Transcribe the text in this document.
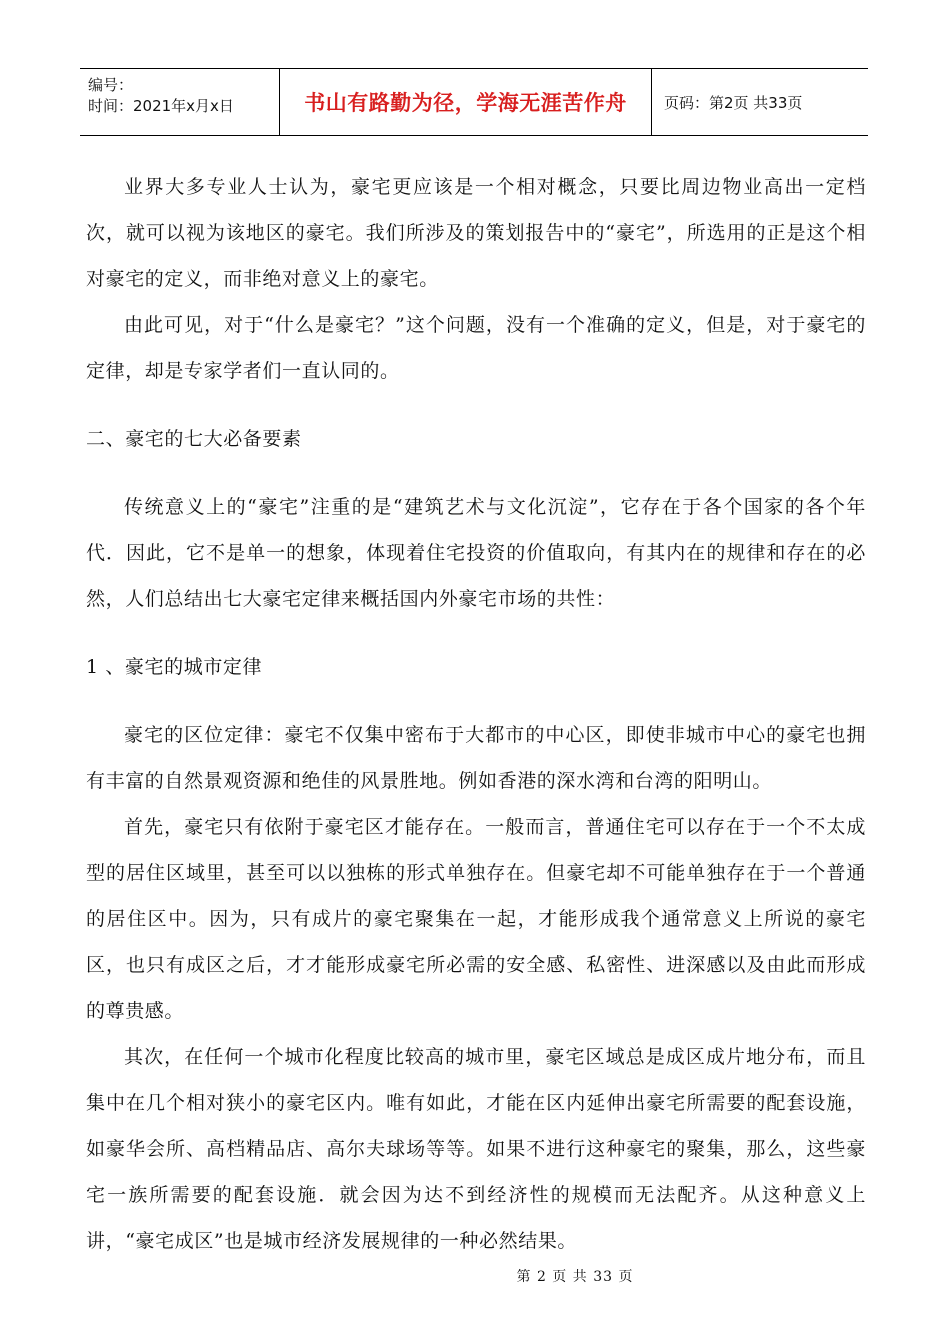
编号：
时间：2021年x月x日	书山有路勤为径，学海无涯苦作舟 页码：第2页 共33页

业界大多专业人士认为，豪宅更应该是一个相对概念，只要比周边物业高出一定档次，就可以视为该地区的豪宅。我们所涉及的策划报告中的“豪宅”，所选用的正是这个相对豪宅的定义，而非绝对意义上的豪宅。

由此可见，对于“什么是豪宅？”这个问题，没有一个准确的定义，但是，对于豪宅的定律，却是专家学者们一直认同的。

二、豪宅的七大必备要素

传统意义上的“豪宅”注重的是“建筑艺术与文化沉淀”，它存在于各个国家的各个年代．因此，它不是单一的想象，体现着住宅投资的价值取向，有其内在的规律和存在的必然，人们总结出七大豪宅定律来概括国内外豪宅市场的共性：

1 、豪宅的城市定律

豪宅的区位定律：豪宅不仅集中密布于大都市的中心区，即使非城市中心的豪宅也拥有丰富的自然景观资源和绝佳的风景胜地。例如香港的深水湾和台湾的阳明山。

首先，豪宅只有依附于豪宅区才能存在。一般而言，普通住宅可以存在于一个不太成型的居住区域里，甚至可以以独栋的形式单独存在。但豪宅却不可能单独存在于一个普通的居住区中。因为，只有成片的豪宅聚集在一起，才能形成我个通常意义上所说的豪宅区，也只有成区之后，才才能形成豪宅所必需的安全感、私密性、进深感以及由此而形成的尊贵感。

其次，在任何一个城市化程度比较高的城市里，豪宅区域总是成区成片地分布，而且集中在几个相对狭小的豪宅区内。唯有如此，才能在区内延伸出豪宅所需要的配套设施，如豪华会所、高档精品店、高尔夫球场等等。如果不进行这种豪宅的聚集，那么，这些豪宅一族所需要的配套设施．就会因为达不到经济性的规模而无法配齐。从这种意义上讲，“豪宅成区”也是城市经济发展规律的一种必然结果。

第 2 页 共 33 页
